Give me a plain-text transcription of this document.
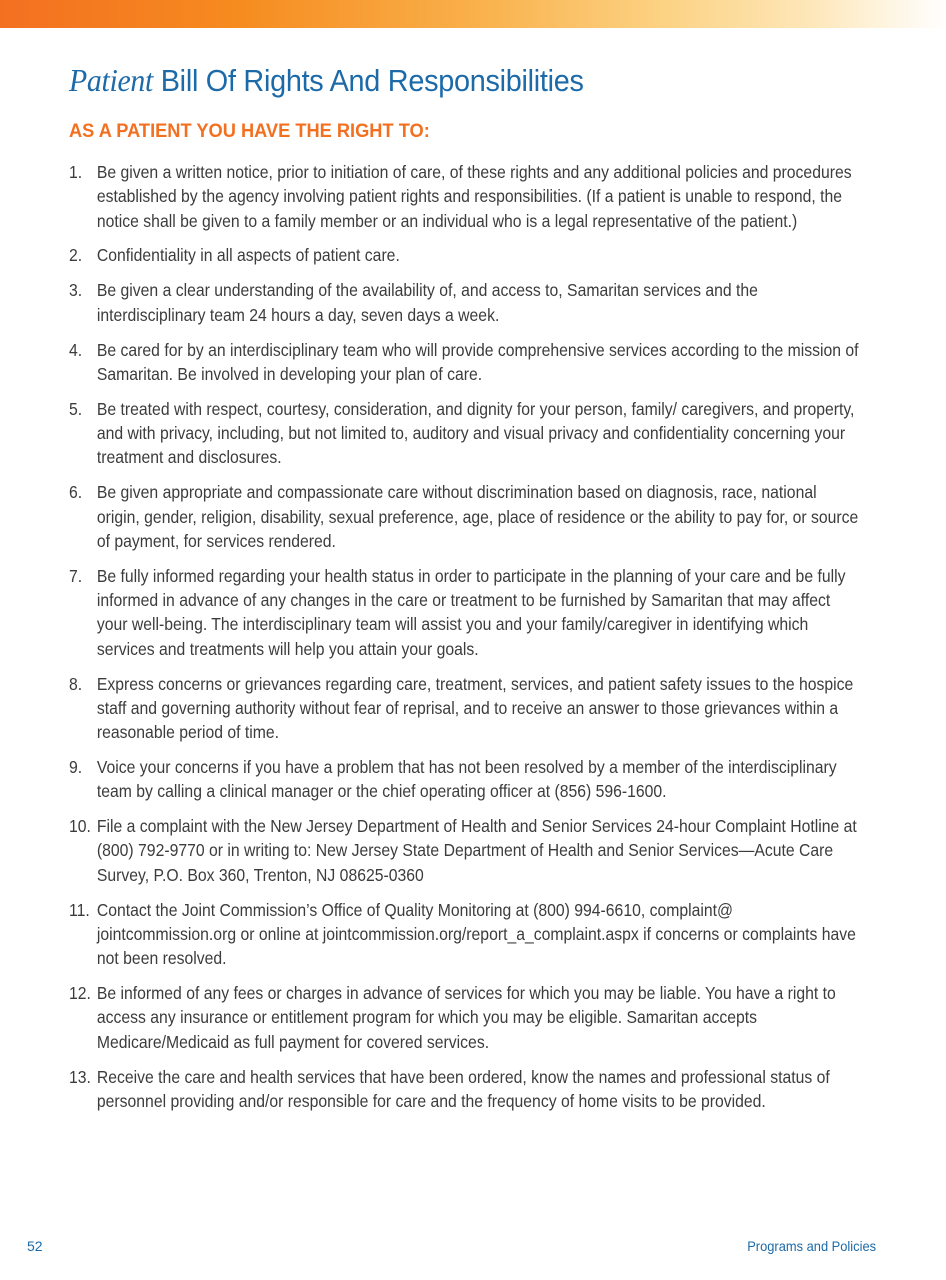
Patient Bill Of Rights And Responsibilities
AS A PATIENT YOU HAVE THE RIGHT TO:
1. Be given a written notice, prior to initiation of care, of these rights and any additional policies and procedures established by the agency involving patient rights and responsibilities. (If a patient is unable to respond, the notice shall be given to a family member or an individual who is a legal representative of the patient.)
2. Confidentiality in all aspects of patient care.
3. Be given a clear understanding of the availability of, and access to, Samaritan services and the interdisciplinary team 24 hours a day, seven days a week.
4. Be cared for by an interdisciplinary team who will provide comprehensive services according to the mission of Samaritan. Be involved in developing your plan of care.
5. Be treated with respect, courtesy, consideration, and dignity for your person, family/ caregivers, and property, and with privacy, including, but not limited to, auditory and visual privacy and confidentiality concerning your treatment and disclosures.
6. Be given appropriate and compassionate care without discrimination based on diagnosis, race, national origin, gender, religion, disability, sexual preference, age, place of residence or the ability to pay for, or source of payment, for services rendered.
7. Be fully informed regarding your health status in order to participate in the planning of your care and be fully informed in advance of any changes in the care or treatment to be furnished by Samaritan that may affect your well-being. The interdisciplinary team will assist you and your family/caregiver in identifying which services and treatments will help you attain your goals.
8. Express concerns or grievances regarding care, treatment, services, and patient safety issues to the hospice staff and governing authority without fear of reprisal, and to receive an answer to those grievances within a reasonable period of time.
9. Voice your concerns if you have a problem that has not been resolved by a member of the interdisciplinary team by calling a clinical manager or the chief operating officer at (856) 596-1600.
10. File a complaint with the New Jersey Department of Health and Senior Services 24-hour Complaint Hotline at (800) 792-9770 or in writing to: New Jersey State Department of Health and Senior Services—Acute Care Survey, P.O. Box 360, Trenton, NJ 08625-0360
11. Contact the Joint Commission’s Office of Quality Monitoring at (800) 994-6610, complaint@ jointcommission.org or online at jointcommission.org/report_a_complaint.aspx if concerns or complaints have not been resolved.
12. Be informed of any fees or charges in advance of services for which you may be liable. You have a right to access any insurance or entitlement program for which you may be eligible. Samaritan accepts Medicare/Medicaid as full payment for covered services.
13. Receive the care and health services that have been ordered, know the names and professional status of personnel providing and/or responsible for care and the frequency of home visits to be provided.
52	Programs and Policies
